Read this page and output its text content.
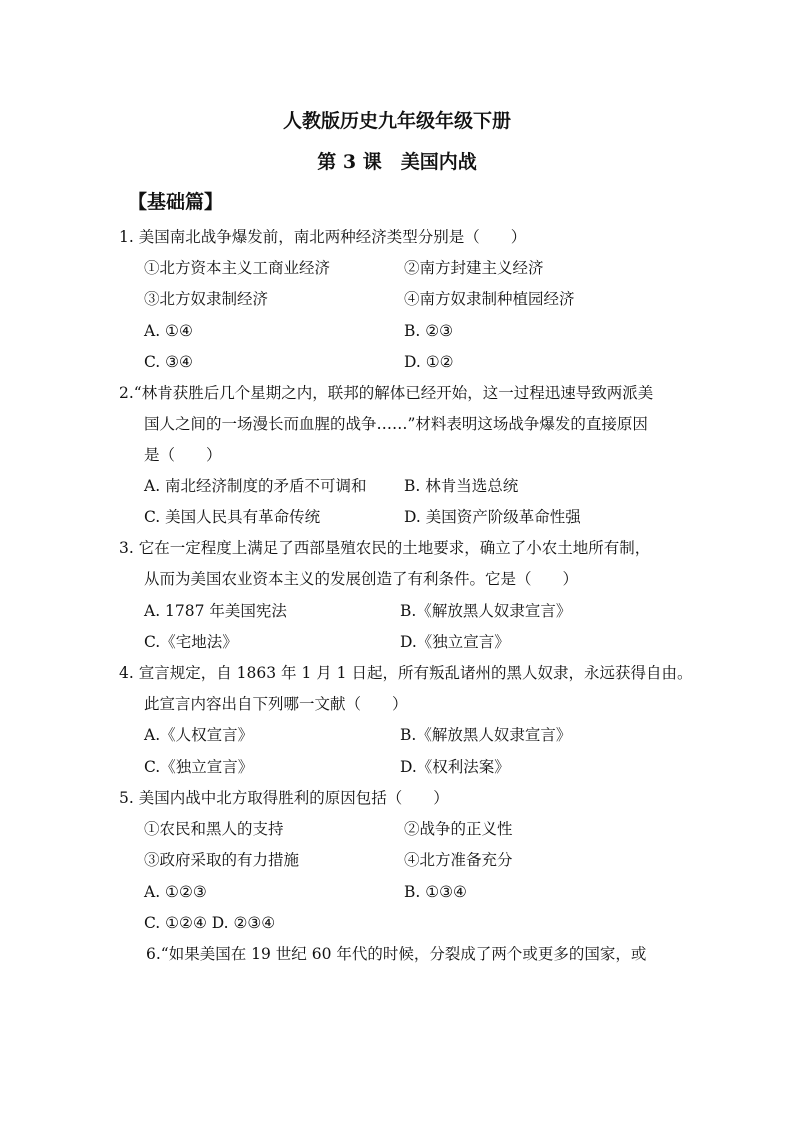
人教版历史九年级年级下册
第 3 课　美国内战
【基础篇】
1. 美国南北战争爆发前，南北两种经济类型分别是（　　）
①北方资本主义工商业经济	②南方封建主义经济
③北方奴隶制经济	④南方奴隶制种植园经济
A. ①④	B. ②③
C. ③④	D. ①②
2.“林肯获胜后几个星期之内，联邦的解体已经开始，这一过程迅速导致两派美
国人之间的一场漫长而血腥的战争……”材料表明这场战争爆发的直接原因
是（　　）
A. 南北经济制度的矛盾不可调和 B. 林肯当选总统
C. 美国人民具有革命传统	D. 美国资产阶级革命性强
3. 它在一定程度上满足了西部垦殖农民的土地要求，确立了小农土地所有制，
从而为美国农业资本主义的发展创造了有利条件。它是（　　）
A. 1787 年美国宪法	B.《解放黑人奴隶宣言》
C.《宅地法》	D.《独立宣言》
4. 宣言规定，自 1863 年 1 月 1 日起，所有叛乱诸州的黑人奴隶，永远获得自由。
此宣言内容出自下列哪一文献（　　）
A.《人权宣言》	B.《解放黑人奴隶宣言》
C.《独立宣言》	D.《权利法案》
5. 美国内战中北方取得胜利的原因包括（　　）
①农民和黑人的支持	②战争的正义性
③政府采取的有力措施	④北方准备充分
A. ①②③	B. ①③④
C. ①②④ D. ②③④
6.“如果美国在 19 世纪 60 年代的时候，分裂成了两个或更多的国家，或
